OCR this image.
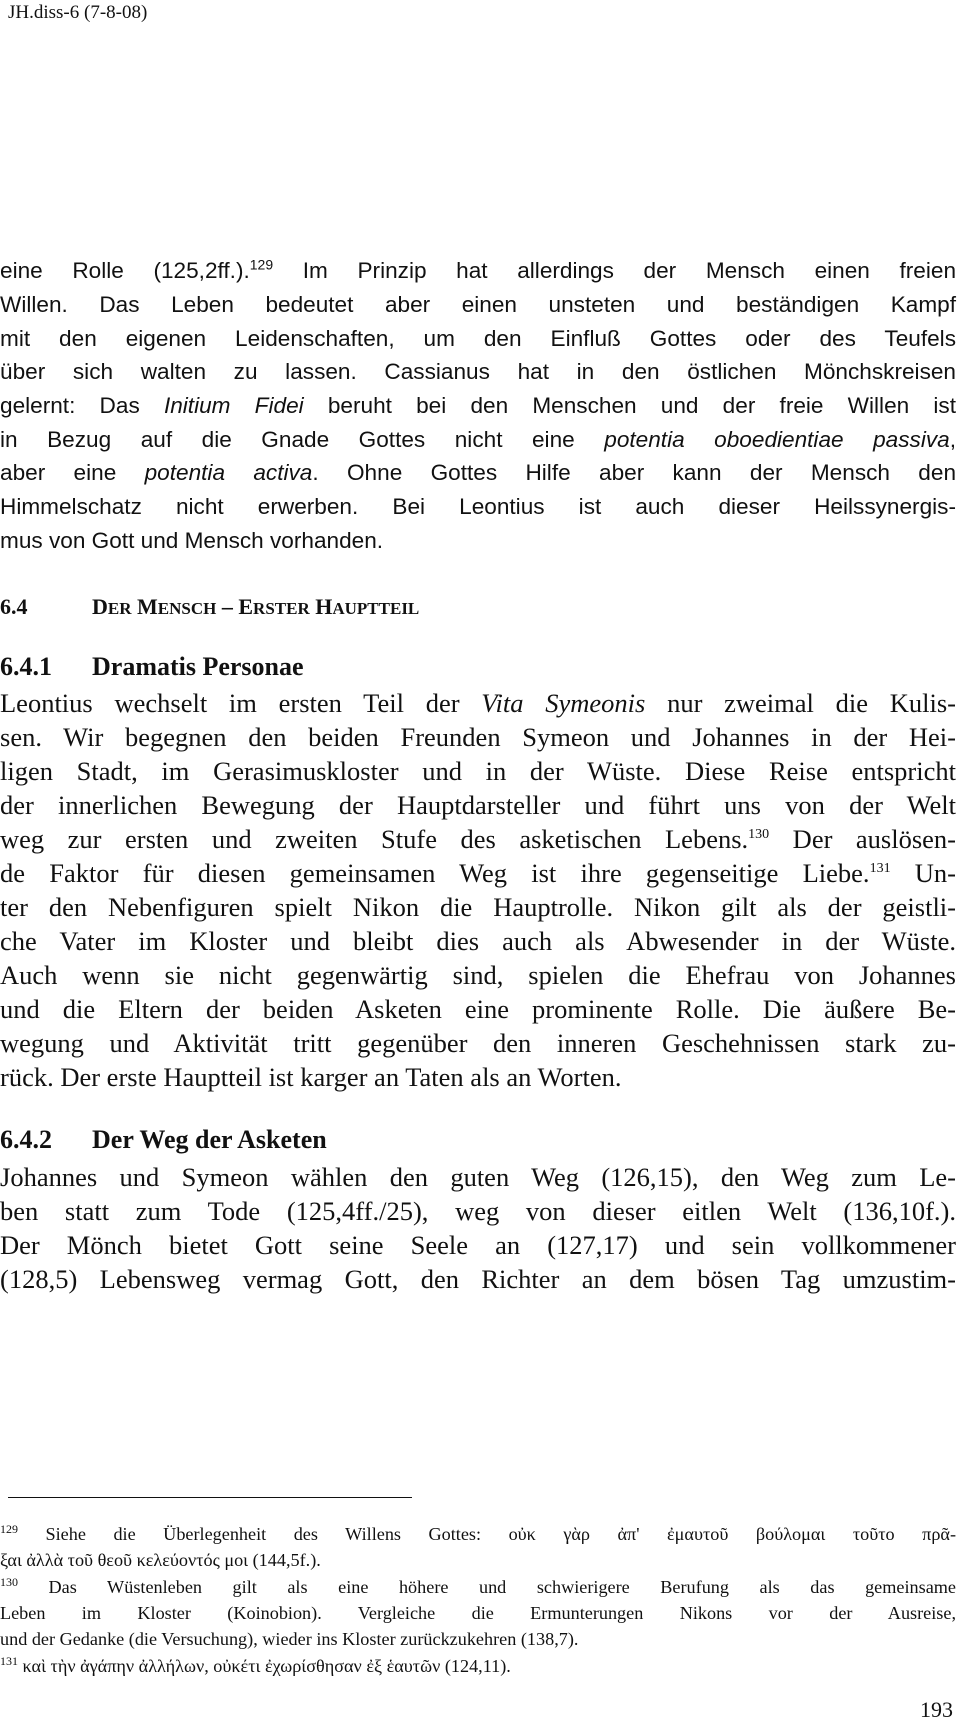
JH.diss-6 (7-8-08)
eine Rolle (125,2ff.).$^{129}$ Im Prinzip hat allerdings der Mensch einen freien
Willen. Das Leben bedeutet aber einen unsteten und beständigen Kampf
mit den eigenen Leidenschaften, um den Einfluß Gottes oder des Teufels
über sich walten zu lassen. Cassianus hat in den östlichen Mönchskreisen
gelernt: Das Initium Fidei beruht bei den Menschen und der freie Willen ist
in Bezug auf die Gnade Gottes nicht eine potentia oboedientiae passiva,
aber eine potentia activa. Ohne Gottes Hilfe aber kann der Mensch den
Himmelschatz nicht erwerben. Bei Leontius ist auch dieser Heilssynergis-
mus von Gott und Mensch vorhanden.
6.4	DER MENSCH – ERSTER HAUPTTEIL
6.4.1 Dramatis Personae
Leontius wechselt im ersten Teil der Vita Symeonis nur zweimal die Kulis-
sen. Wir begegnen den beiden Freunden Symeon und Johannes in der Hei-
ligen Stadt, im Gerasimuskloster und in der Wüste. Diese Reise entspricht
der innerlichen Bewegung der Hauptdarsteller und führt uns von der Welt
weg zur ersten und zweiten Stufe des asketischen Lebens.$^{130}$ Der auslösen-
de Faktor für diesen gemeinsamen Weg ist ihre gegenseitige Liebe.$^{131}$ Un-
ter den Nebenfiguren spielt Nikon die Hauptrolle. Nikon gilt als der geistli-
che Vater im Kloster und bleibt dies auch als Abwesender in der Wüste.
Auch wenn sie nicht gegenwärtig sind, spielen die Ehefrau von Johannes
und die Eltern der beiden Asketen eine prominente Rolle. Die äußere Be-
wegung und Aktivität tritt gegenüber den inneren Geschehnissen stark zu-
rück. Der erste Hauptteil ist karger an Taten als an Worten.
6.4.2 Der Weg der Asketen
Johannes und Symeon wählen den guten Weg (126,15), den Weg zum Le-
ben statt zum Tode (125,4ff./25), weg von dieser eitlen Welt (136,10f.).
Der Mönch bietet Gott seine Seele an (127,17) und sein vollkommener
(128,5) Lebensweg vermag Gott, den Richter an dem bösen Tag umzustim-
$^{129}$ Siehe die Überlegenheit des Willens Gottes: οὐκ γὰρ ἀπ' ἐμαυτοῦ βούλομαι τοῦτο πρᾶ-
ξαι ἀλλὰ τοῦ θεοῦ κελεύοντός μοι (144,5f.).
$^{130}$ Das Wüstenleben gilt als eine höhere und schwierigere Berufung als das gemeinsame
Leben im Kloster (Koinobion). Vergleiche die Ermunterungen Nikons vor der Ausreise,
und der Gedanke (die Versuchung), wieder ins Kloster zurückzukehren (138,7).
$^{131}$ καὶ τὴν ἀγάπην ἀλλήλων, οὐκέτι ἐχωρίσθησαν ἐξ ἑαυτῶν (124,11).
193
